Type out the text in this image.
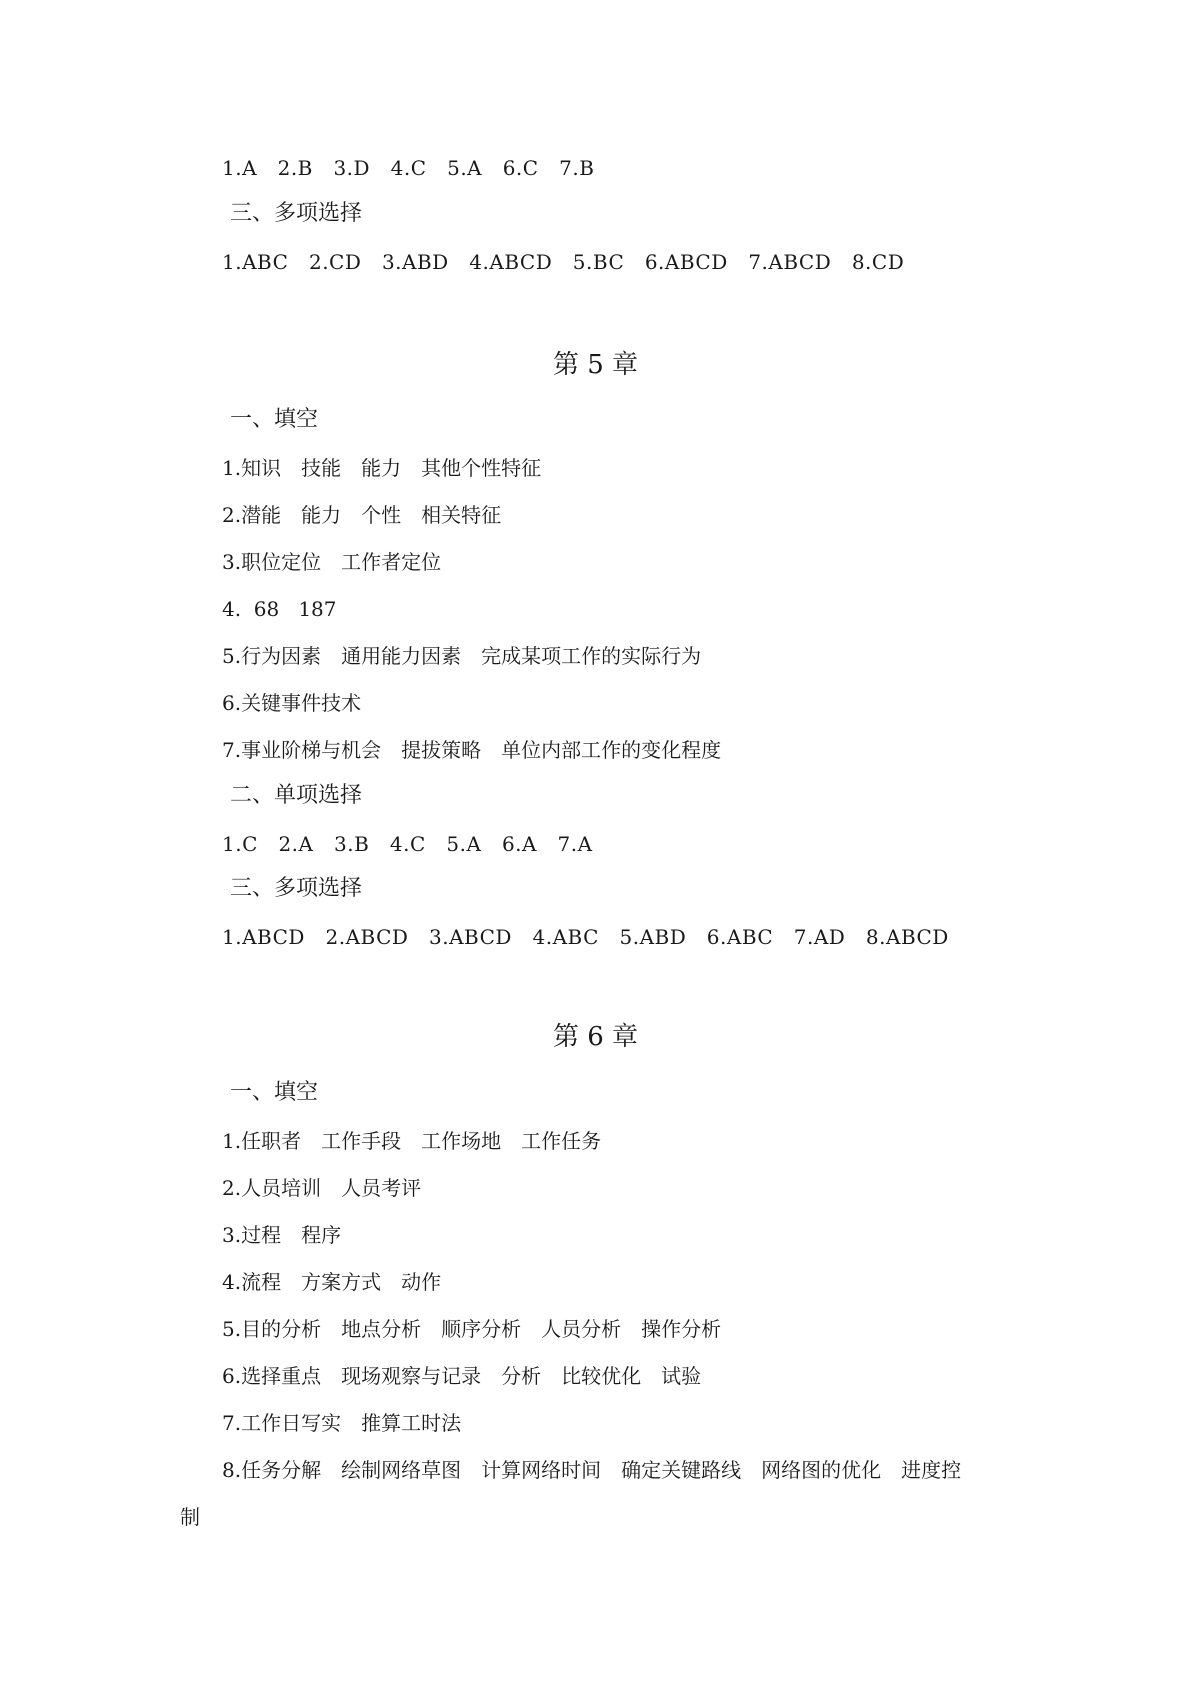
1.A   2.B   3.D   4.C   5.A   6.C   7.B
三、多项选择
1.ABC   2.CD   3.ABD   4.ABCD   5.BC   6.ABCD   7.ABCD   8.CD
第 5 章
一、填空
1.知识　技能　能力　其他个性特征
2.潜能　能力　个性　相关特征
3.职位定位　工作者定位
4.  68   187
5.行为因素　通用能力因素　完成某项工作的实际行为
6.关键事件技术
7.事业阶梯与机会　提拔策略　单位内部工作的变化程度
二、单项选择
1.C   2.A   3.B   4.C   5.A   6.A   7.A
三、多项选择
1.ABCD   2.ABCD   3.ABCD   4.ABC   5.ABD   6.ABC   7.AD   8.ABCD
第 6 章
一、填空
1.任职者　工作手段　工作场地　工作任务
2.人员培训　人员考评
3.过程　程序
4.流程　方案方式　动作
5.目的分析　地点分析　顺序分析　人员分析　操作分析
6.选择重点　现场观察与记录　分析　比较优化　试验
7.工作日写实　推算工时法
8.任务分解　绘制网络草图　计算网络时间　确定关键路线　网络图的优化　进度控
制
